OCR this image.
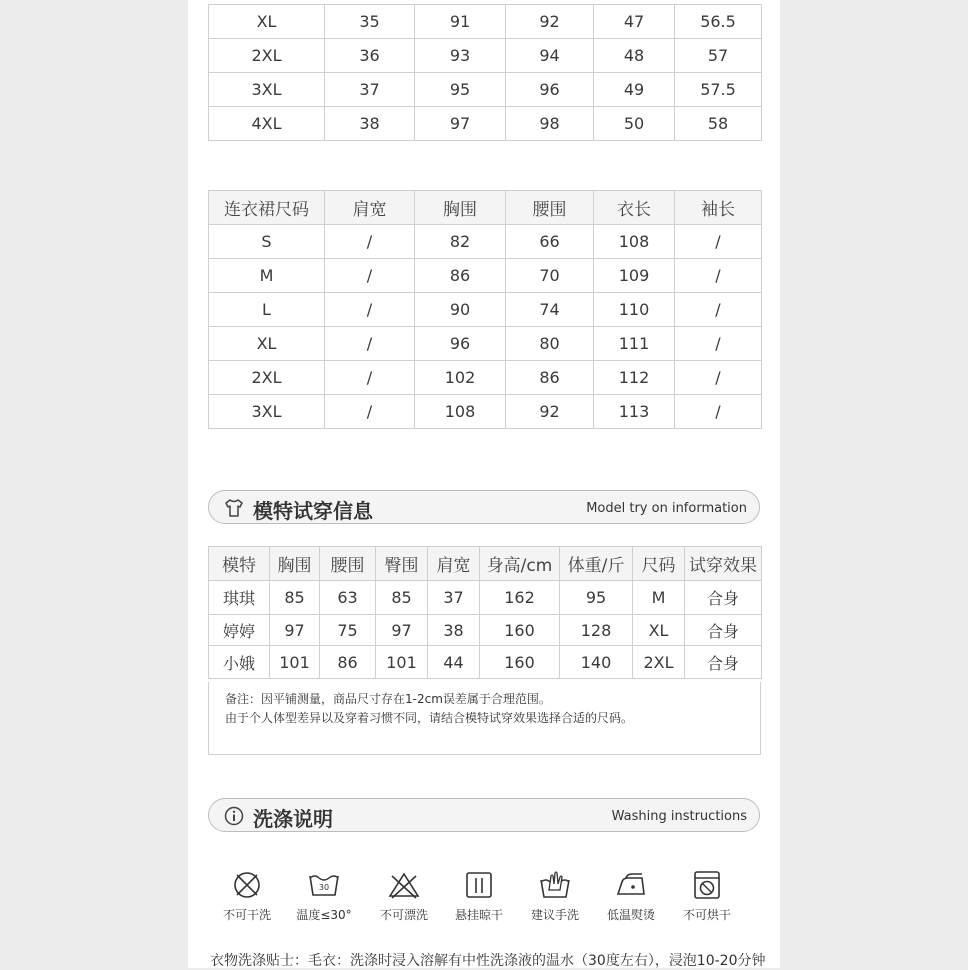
XL	35	91	92	47	56.5
2XL	36	93	94	48	57
3XL	37	95	96	49	57.5
4XL	38	97	98	50	58
连衣裙尺码	肩宽	胸围	腰围	衣长	袖长
S	/	82	66	108	/
M	/	86	70	109	/
L	/	90	74	110	/
XL	/	96	80	111	/
2XL	/	102	86	112	/
3XL	/	108	92	113	/
模特试穿信息	Model try on information
模特	胸围	腰围	臀围	肩宽	身高/cm	体重/斤	尺码	试穿效果
琪琪	85	63	85	37	162	95	M	合身
婷婷	97	75	97	38	160	128	XL	合身
小娥	101	86	101	44	160	140	2XL	合身
备注：因平铺测量，商品尺寸存在1-2cm误差属于合理范围。
由于个人体型差异以及穿着习惯不同，请结合模特试穿效果选择合适的尺码。
洗涤说明	Washing instructions
不可干洗
30
温度≤30°	不可漂洗	悬挂晾干	建议手洗	低温熨烫	不可烘干
衣物洗涤贴士：毛衣：洗涤时浸入溶解有中性洗涤液的温水（30度左右），浸泡10-20分钟
